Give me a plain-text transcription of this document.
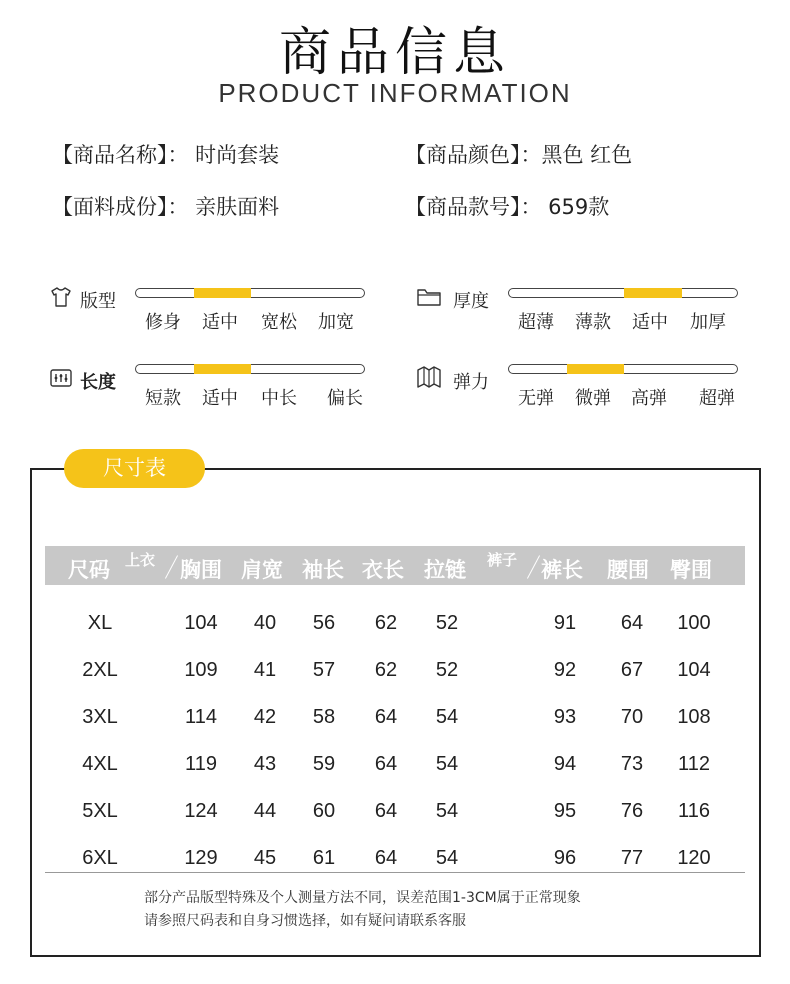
商品信息
PRODUCT INFORMATION
【商品名称】： 时尚套装	【商品颜色】：黑色 红色
【面料成份】： 亲肤面料	【商品款号】： 659款
版型
修身 适中 宽松 加宽
厚度
超薄 薄款 适中 加厚
长度
短款 适中 中长 偏长
弹力
无弹 微弹 高弹 超弹
尺寸表
尺码 上衣	裤子
胸围 肩宽 袖长 衣长 拉链	裤长 腰围 臀围
XL	104 40 56 62 52	91 64 100
2XL	109 41 57 62 52	92 67 104
3XL	114 42 58 64 54	93 70 108
4XL	119 43 59 64 54	94 73 112
5XL	124 44 60 64 54	95 76 116
6XL	129 45 61 64 54	96 77 120
部分产品版型特殊及个人测量方法不同，误差范围1-3CM属于正常现象
请参照尺码表和自身习惯选择，如有疑问请联系客服
